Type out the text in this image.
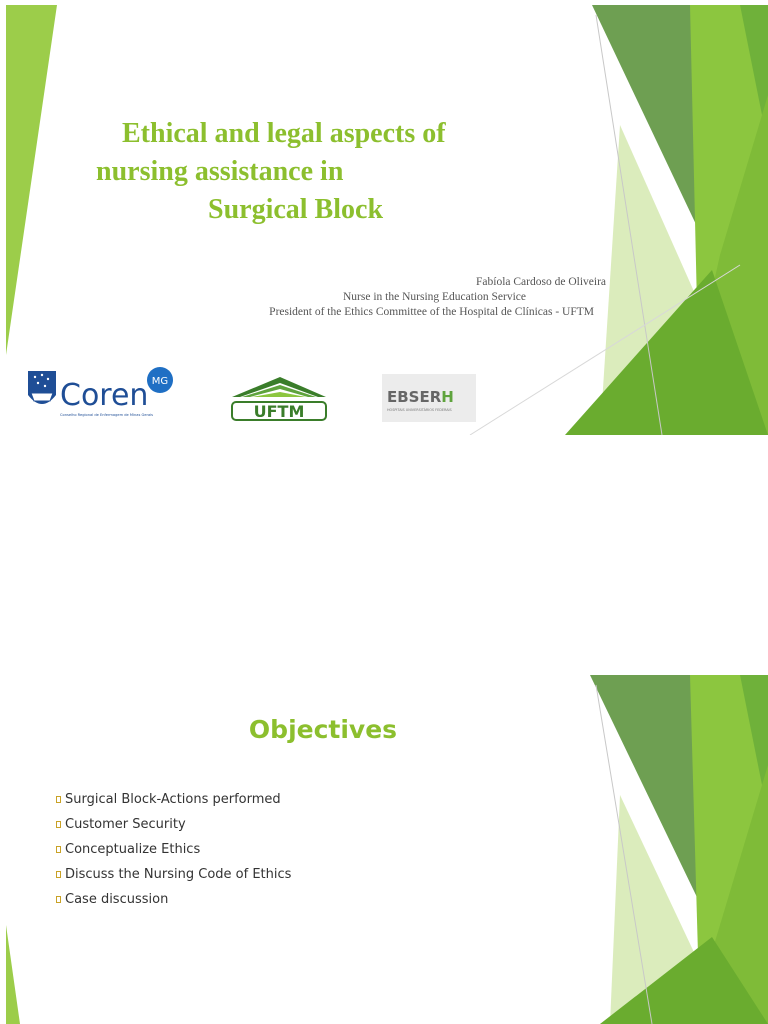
Ethical and legal aspects of
nursing assistance in
Surgical Block
Fabíola Cardoso de Oliveira
Nurse in the Nursing Education Service
President of the Ethics Committee of the Hospital de Clínicas - UFTM
Coren MG
Conselho Regional de Enfermagem de Minas Gerais	UFTM
EBSERH
HOSPITAIS UNIVERSITÁRIOS FEDERAIS
Objectives
Surgical Block-Actions performed
Customer Security
Conceptualize Ethics
Discuss the Nursing Code of Ethics
Case discussion
